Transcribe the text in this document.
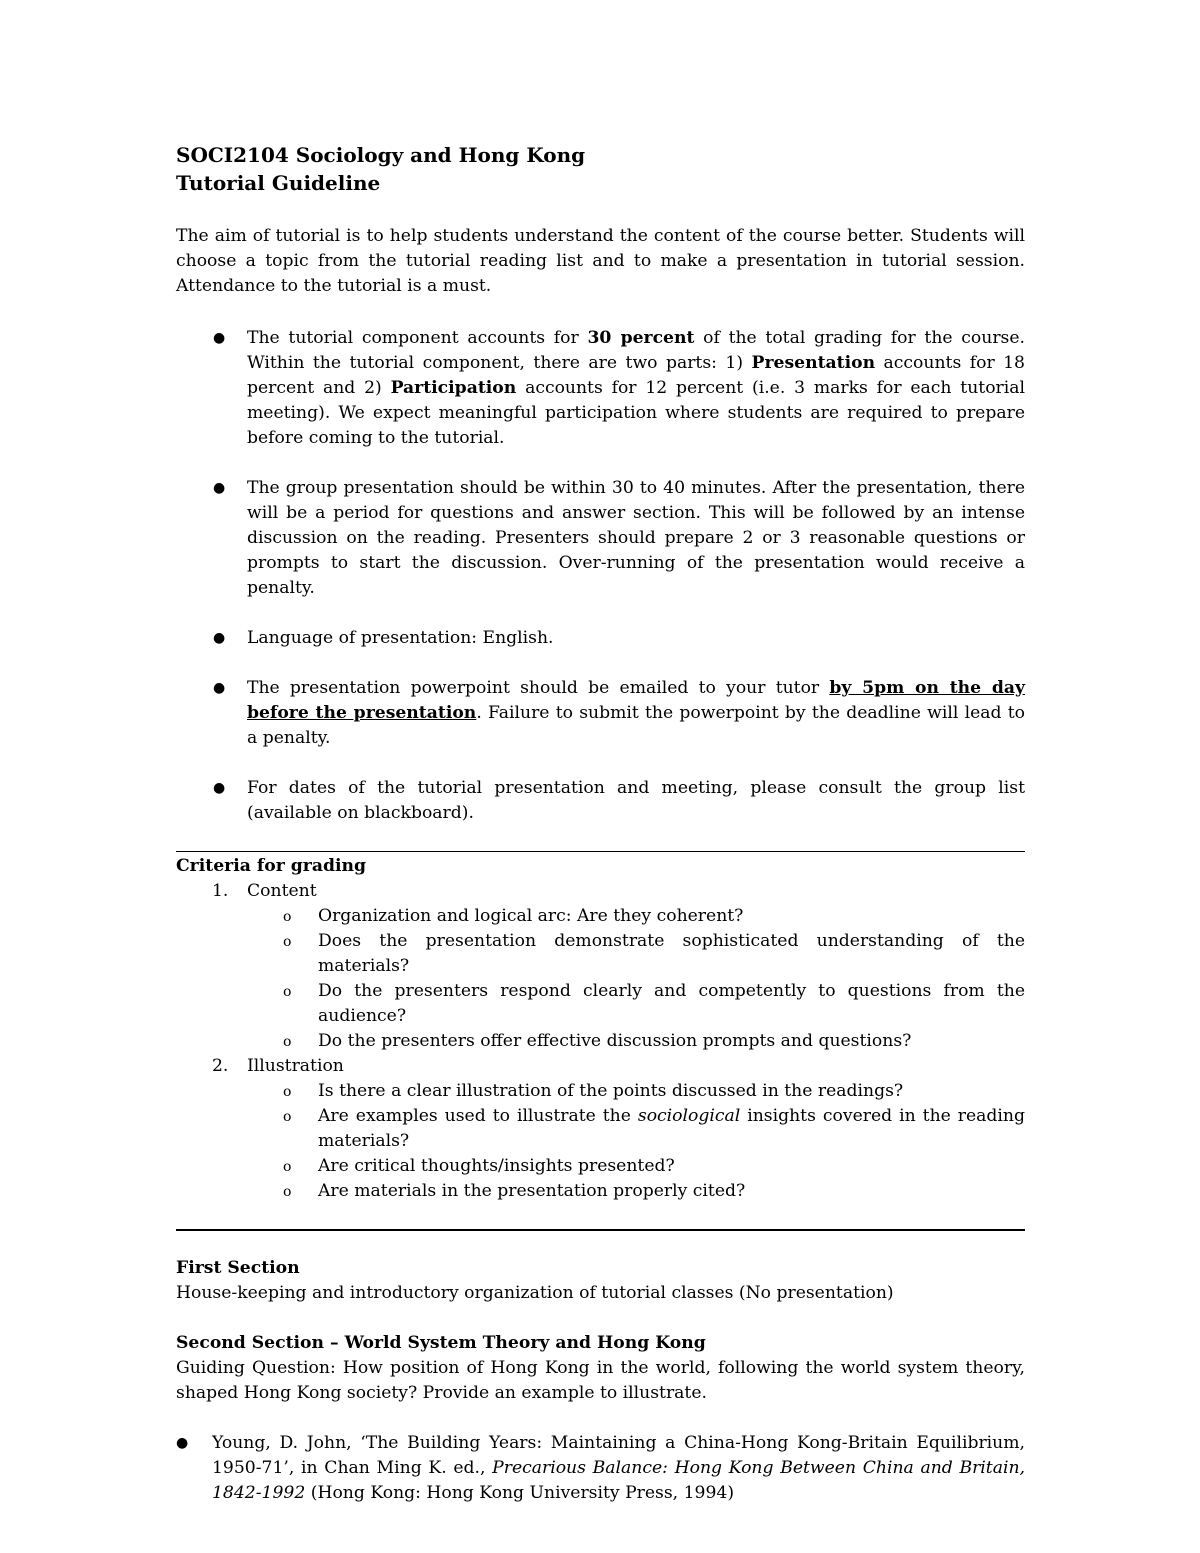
SOCI2104 Sociology and Hong Kong

Tutorial Guideline

The aim of tutorial is to help students understand the content of the course better. Students will choose a topic from the tutorial reading list and to make a presentation in tutorial session. Attendance to the tutorial is a must.

● The tutorial component accounts for 30 percent of the total grading for the course. Within the tutorial component, there are two parts: 1) Presentation accounts for 18 percent and 2) Participation accounts for 12 percent (i.e. 3 marks for each tutorial meeting). We expect meaningful participation where students are required to prepare before coming to the tutorial.
● The group presentation should be within 30 to 40 minutes. After the presentation, there will be a period for questions and answer section. This will be followed by an intense discussion on the reading. Presenters should prepare 2 or 3 reasonable questions or prompts to start the discussion. Over-running of the presentation would receive a penalty.
● Language of presentation: English.
● The presentation powerpoint should be emailed to your tutor by 5pm on the day before the presentation. Failure to submit the powerpoint by the deadline will lead to a penalty.
● For dates of the tutorial presentation and meeting, please consult the group list (available on blackboard).

Criteria for grading

1. Content
o Organization and logical arc: Are they coherent?
o Does the presentation demonstrate sophisticated understanding of the materials?
o Do the presenters respond clearly and competently to questions from the audience?
o Do the presenters offer effective discussion prompts and questions?
2. Illustration
o Is there a clear illustration of the points discussed in the readings?
o Are examples used to illustrate the sociological insights covered in the reading materials?
o Are critical thoughts/insights presented?
o Are materials in the presentation properly cited?

First Section

House-keeping and introductory organization of tutorial classes (No presentation)

Second Section – World System Theory and Hong Kong

Guiding Question: How position of Hong Kong in the world, following the world system theory, shaped Hong Kong society? Provide an example to illustrate.

● Young, D. John, ‘The Building Years: Maintaining a China-Hong Kong-Britain Equilibrium, 1950-71’, in Chan Ming K. ed., Precarious Balance: Hong Kong Between China and Britain, 1842-1992 (Hong Kong: Hong Kong University Press, 1994)
